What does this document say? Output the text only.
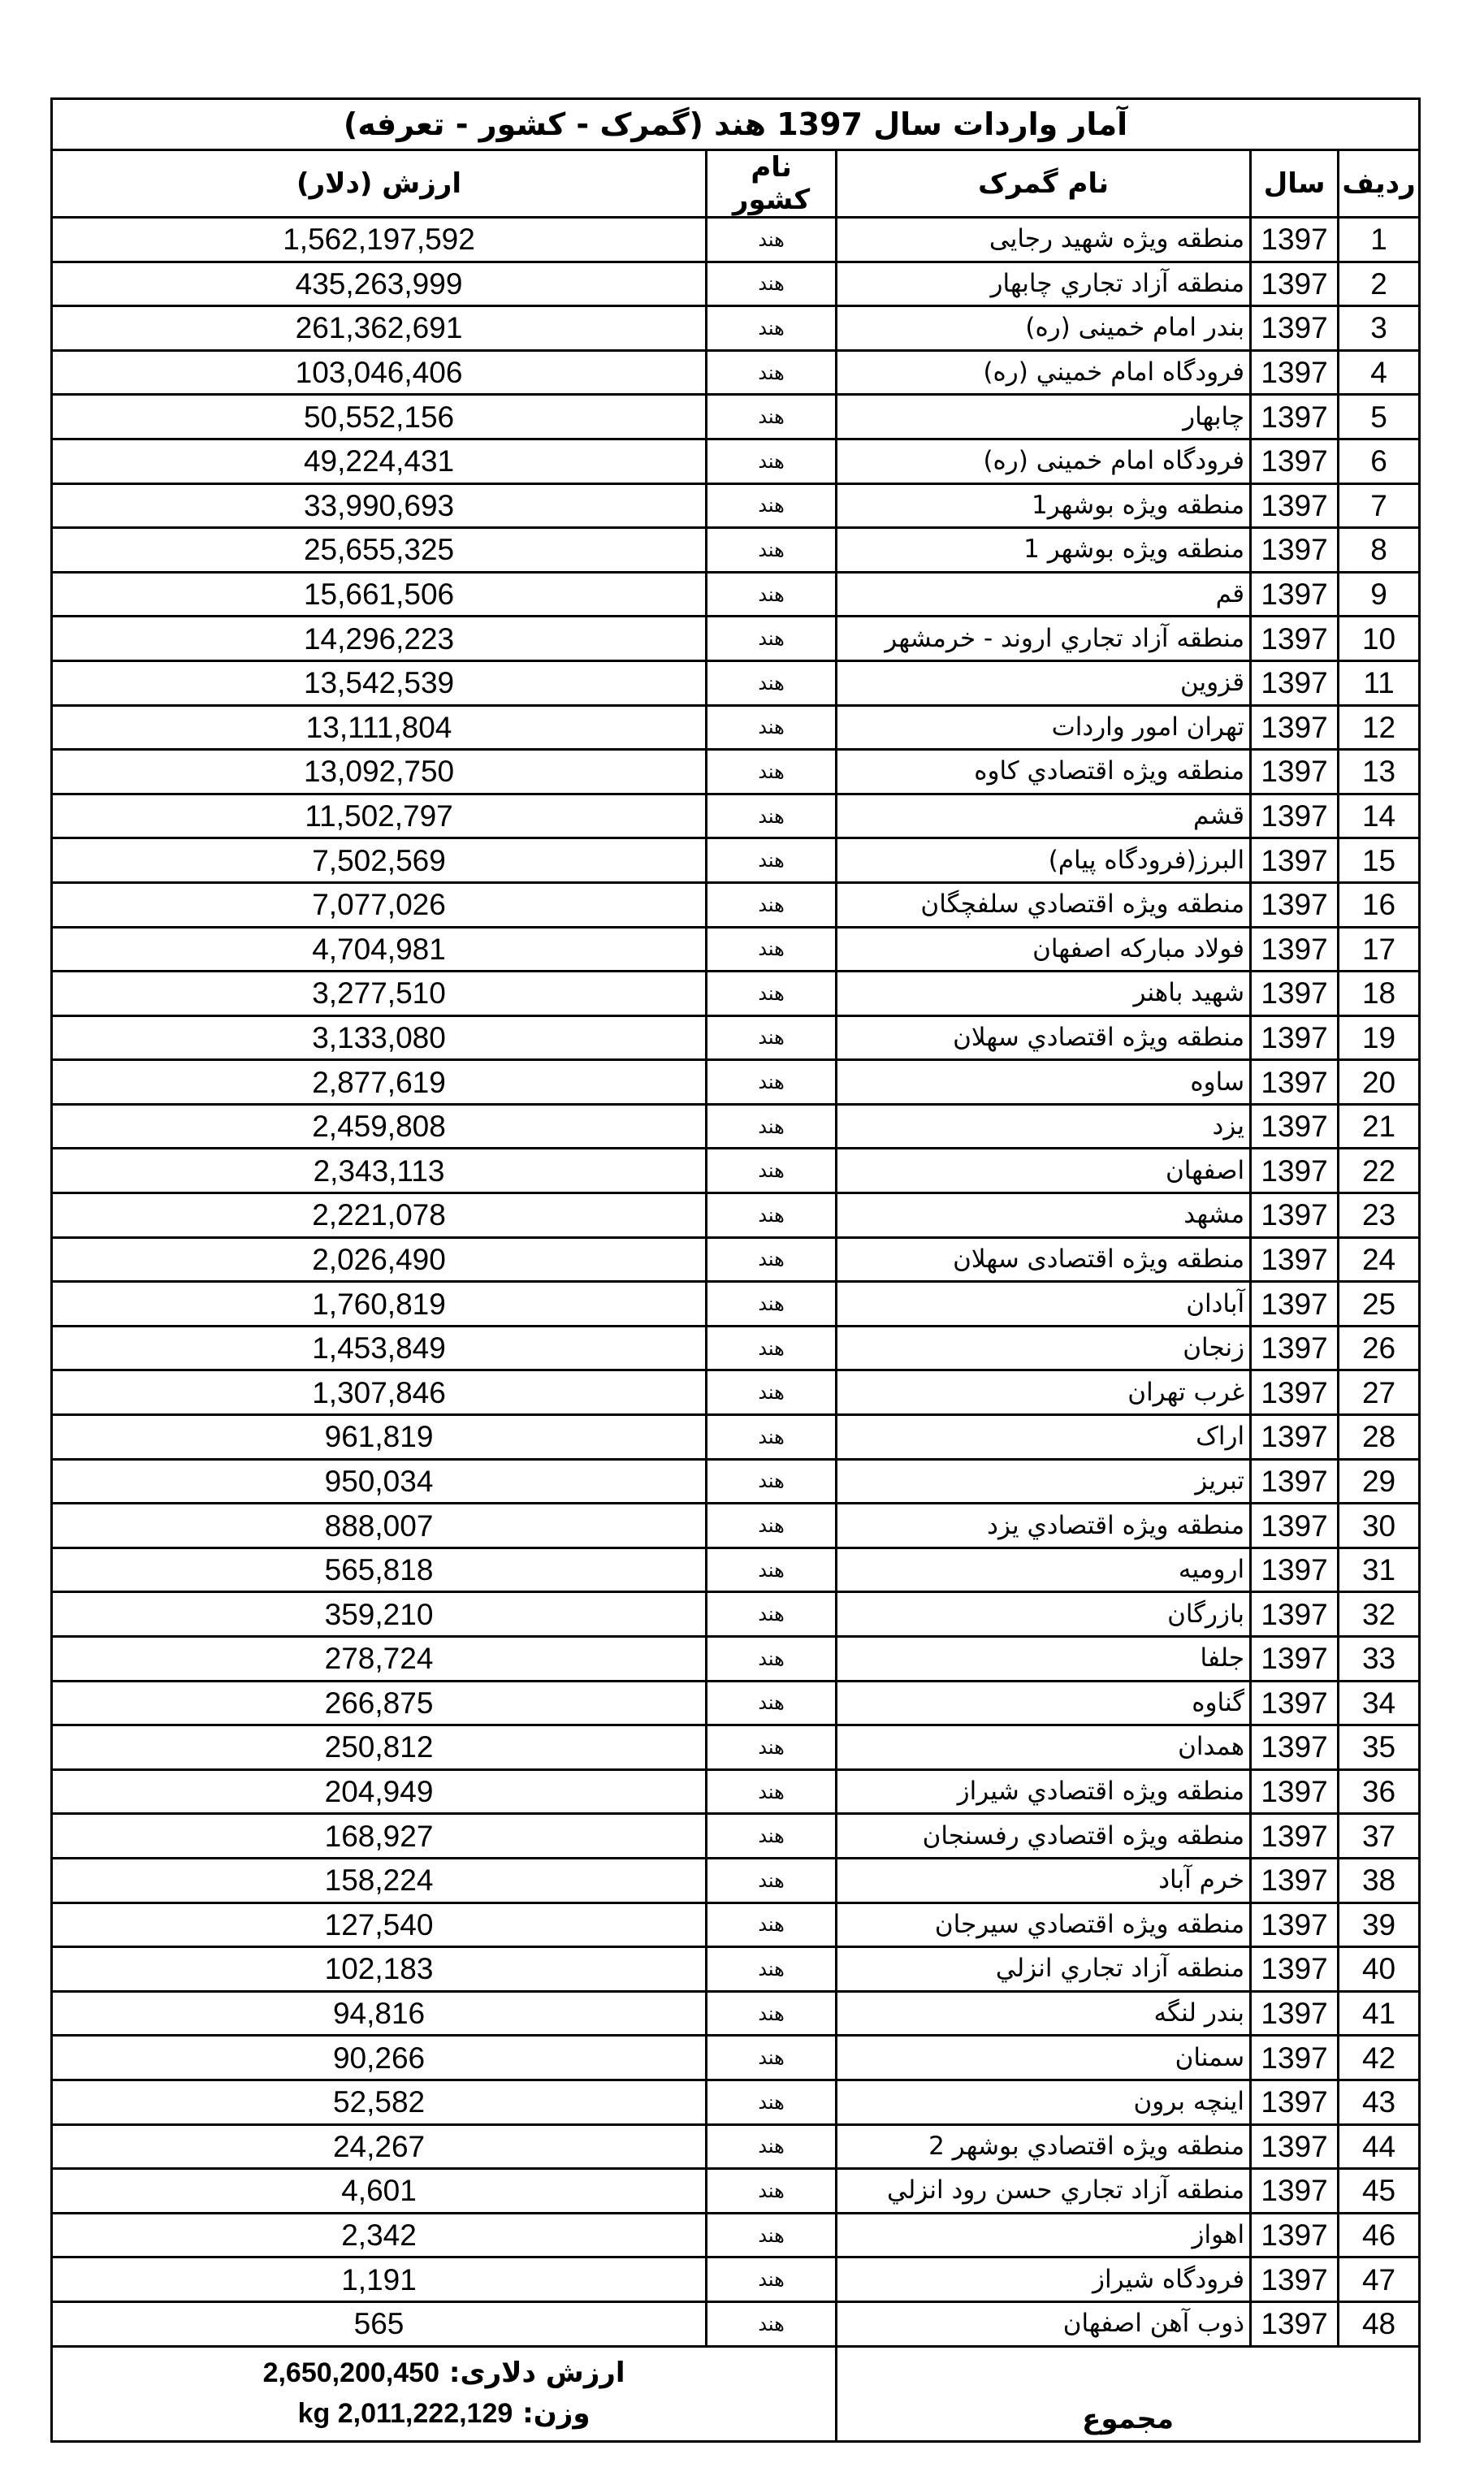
آمار واردات سال 1397 هند (گمرک - کشور - تعرفه)				
ردیف	سال	نام گمرک	نام کشور	ارزش (دلار)
1	1397	منطقه ویژه شهید رجایی	هند	1,562,197,592
2	1397	منطقه آزاد تجاري چابهار	هند	435,263,999
3	1397	بندر امام خمینی (ره)	هند	261,362,691
4	1397	فرودگاه امام خميني (ره)	هند	103,046,406
5	1397	چابهار	هند	50,552,156
6	1397	فرودگاه امام خمینی (ره)	هند	49,224,431
7	1397	منطقه ويژه بوشهر1	هند	33,990,693
8	1397	منطقه ویژه بوشهر 1	هند	25,655,325
9	1397	قم	هند	15,661,506
10	1397	منطقه آزاد تجاري اروند - خرمشهر	هند	14,296,223
11	1397	قزوین	هند	13,542,539
12	1397	تهران امور واردات	هند	13,111,804
13	1397	منطقه ويژه اقتصادي کاوه	هند	13,092,750
14	1397	قشم	هند	11,502,797
15	1397	البرز(فرودگاه پیام)	هند	7,502,569
16	1397	منطقه ويژه اقتصادي سلفچگان	هند	7,077,026
17	1397	فولاد مبارکه اصفهان	هند	4,704,981
18	1397	شهید باهنر	هند	3,277,510
19	1397	منطقه ويژه اقتصادي سهلان	هند	3,133,080
20	1397	ساوه	هند	2,877,619
21	1397	یزد	هند	2,459,808
22	1397	اصفهان	هند	2,343,113
23	1397	مشهد	هند	2,221,078
24	1397	منطقه ویژه اقتصادی سهلان	هند	2,026,490
25	1397	آبادان	هند	1,760,819
26	1397	زنجان	هند	1,453,849
27	1397	غرب تهران	هند	1,307,846
28	1397	اراک	هند	961,819
29	1397	تبریز	هند	950,034
30	1397	منطقه ويژه اقتصادي يزد	هند	888,007
31	1397	ارومیه	هند	565,818
32	1397	بازرگان	هند	359,210
33	1397	جلفا	هند	278,724
34	1397	گناوه	هند	266,875
35	1397	همدان	هند	250,812
36	1397	منطقه ويژه اقتصادي شيراز	هند	204,949
37	1397	منطقه ويژه اقتصادي رفسنجان	هند	168,927
38	1397	خرم آباد	هند	158,224
39	1397	منطقه ويژه اقتصادي سيرجان	هند	127,540
40	1397	منطقه آزاد تجاري انزلي	هند	102,183
41	1397	بندر لنگه	هند	94,816
42	1397	سمنان	هند	90,266
43	1397	اینچه برون	هند	52,582
44	1397	منطقه ويژه اقتصادي بوشهر 2	هند	24,267
45	1397	منطقه آزاد تجاري حسن رود انزلي	هند	4,601
46	1397	اهواز	هند	2,342
47	1397	فرودگاه شیراز	هند	1,191
48	1397	ذوب آهن اصفهان	هند	565
مجموع			ارزش دلاری: 2,650,200,450
وزن: kg 2,011,222,129	
